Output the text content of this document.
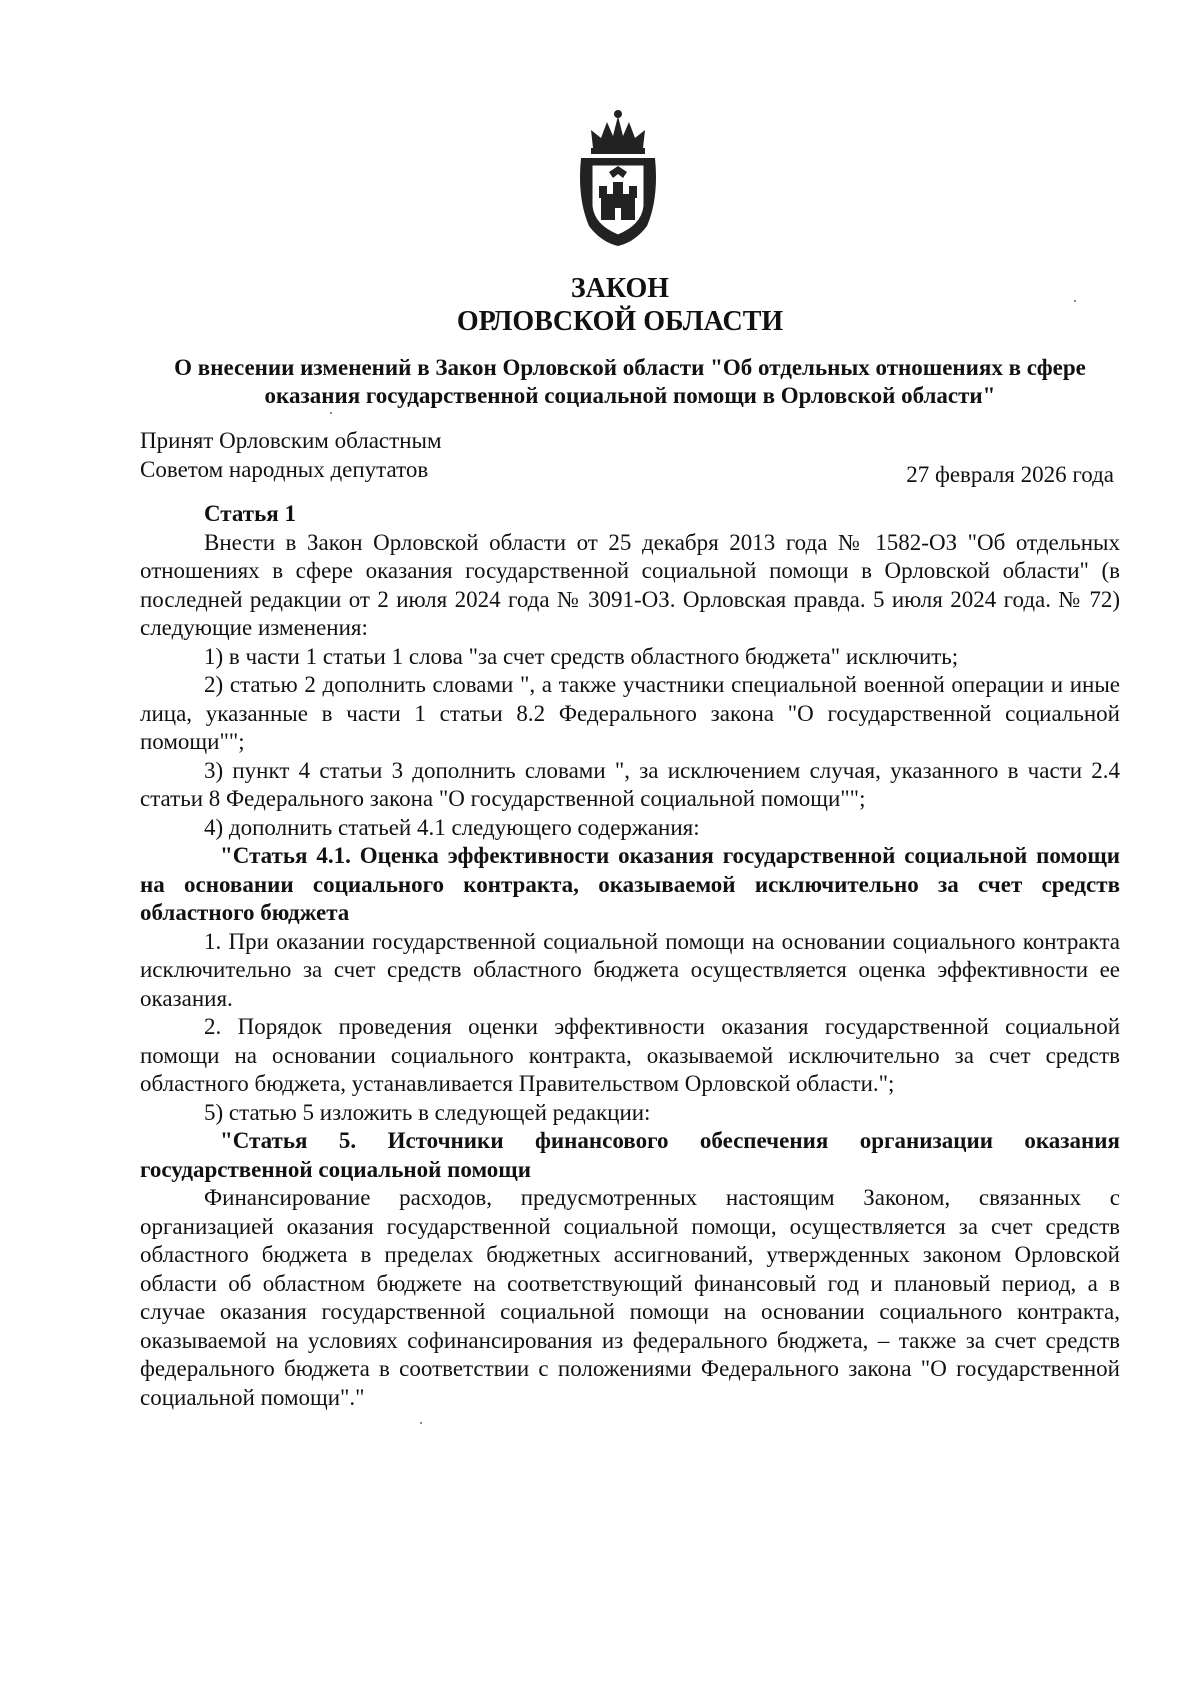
ЗАКОН
ОРЛОВСКОЙ ОБЛАСТИ
О внесении изменений в Закон Орловской области "Об отдельных отношениях в сфере оказания государственной социальной помощи в Орловской области"
Принят Орловским областным
Советом народных депутатов	27 февраля 2026 года

Статья 1

Внести в Закон Орловской области от 25 декабря 2013 года № 1582-ОЗ "Об отдельных отношениях в сфере оказания государственной социальной помощи в Орловской области" (в последней редакции от 2 июля 2024 года № 3091-ОЗ. Орловская правда. 5 июля 2024 года. № 72) следующие изменения:

1) в части 1 статьи 1 слова "за счет средств областного бюджета" исключить;

2) статью 2 дополнить словами ", а также участники специальной военной операции и иные лица, указанные в части 1 статьи 8.2 Федерального закона "О государственной социальной помощи"";

3) пункт 4 статьи 3 дополнить словами ", за исключением случая, указанного в части 2.4 статьи 8 Федерального закона "О государственной социальной помощи"";

4) дополнить статьей 4.1 следующего содержания:

"Статья 4.1. Оценка эффективности оказания государственной социальной помощи на основании социального контракта, оказываемой исключительно за счет средств областного бюджета

1. При оказании государственной социальной помощи на основании социального контракта исключительно за счет средств областного бюджета осуществляется оценка эффективности ее оказания.

2. Порядок проведения оценки эффективности оказания государственной социальной помощи на основании социального контракта, оказываемой исключительно за счет средств областного бюджета, устанавливается Правительством Орловской области.";

5) статью 5 изложить в следующей редакции:

"Статья 5. Источники финансового обеспечения организации оказания государственной социальной помощи

Финансирование расходов, предусмотренных настоящим Законом, связанных с организацией оказания государственной социальной помощи, осуществляется за счет средств областного бюджета в пределах бюджетных ассигнований, утвержденных законом Орловской области об областном бюджете на соответствующий финансовый год и плановый период, а в случае оказания государственной социальной помощи на основании социального контракта, оказываемой на условиях софинансирования из федерального бюджета, – также за счет средств федерального бюджета в соответствии с положениями Федерального закона "О государственной социальной помощи"."
